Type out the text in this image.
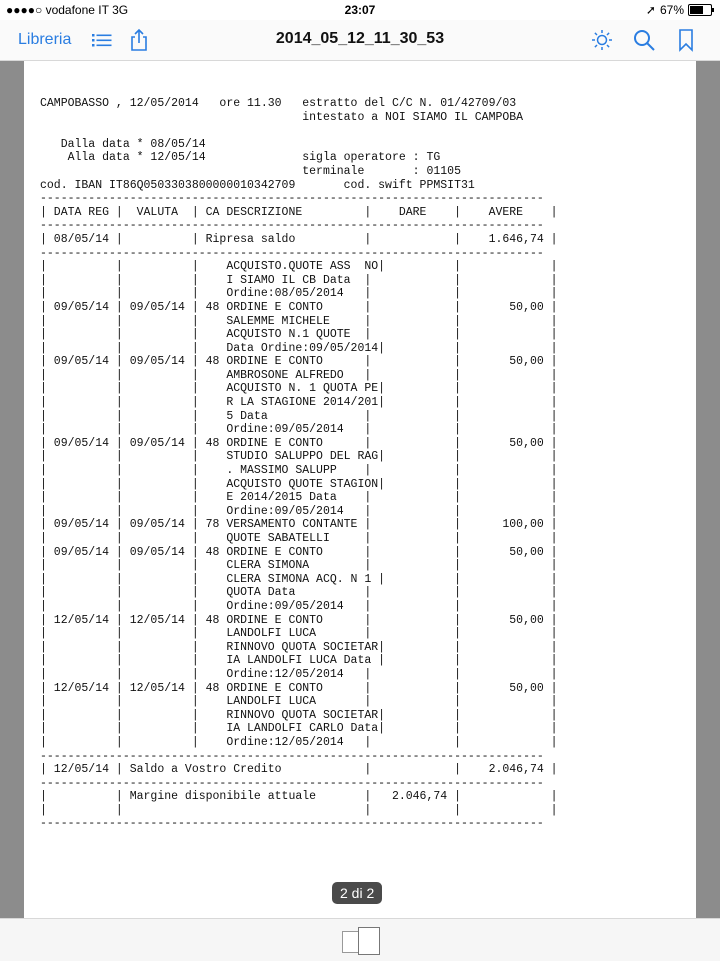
●●●●○ vodafone IT 3G	23:07	➚ 67%
Libreria	2014_05_12_11_30_53
CAMPOBASSO , 12/05/2014   ore 11.30   estratto del C/C N. 01/42709/03
intestato a NOI SIAMO IL CAMPOBA

Dalla data * 08/05/14
Alla data * 12/05/14              sigla operatore : TG
terminale       : 01105
cod. IBAN IT86Q0503303800000010342709       cod. swift PPMSIT31
-------------------------------------------------------------------------
| DATA REG |  VALUTA  | CA DESCRIZIONE         |    DARE    |    AVERE    |
-------------------------------------------------------------------------
| 08/05/14 |          | Ripresa saldo          |            |    1.646,74 |
-------------------------------------------------------------------------
|          |          |    ACQUISTO.QUOTE ASS  NO|          |             |
|          |          |    I SIAMO IL CB Data  |            |             |
|          |          |    Ordine:08/05/2014   |            |             |
| 09/05/14 | 09/05/14 | 48 ORDINE E CONTO      |            |       50,00 |
|          |          |    SALEMME MICHELE     |            |             |
|          |          |    ACQUISTO N.1 QUOTE  |            |             |
|          |          |    Data Ordine:09/05/2014|          |             |
| 09/05/14 | 09/05/14 | 48 ORDINE E CONTO      |            |       50,00 |
|          |          |    AMBROSONE ALFREDO   |            |             |
|          |          |    ACQUISTO N. 1 QUOTA PE|          |             |
|          |          |    R LA STAGIONE 2014/201|          |             |
|          |          |    5 Data              |            |             |
|          |          |    Ordine:09/05/2014   |            |             |
| 09/05/14 | 09/05/14 | 48 ORDINE E CONTO      |            |       50,00 |
|          |          |    STUDIO SALUPPO DEL RAG|          |             |
|          |          |    . MASSIMO SALUPP    |            |             |
|          |          |    ACQUISTO QUOTE STAGION|          |             |
|          |          |    E 2014/2015 Data    |            |             |
|          |          |    Ordine:09/05/2014   |            |             |
| 09/05/14 | 09/05/14 | 78 VERSAMENTO CONTANTE |            |      100,00 |
|          |          |    QUOTE SABATELLI     |            |             |
| 09/05/14 | 09/05/14 | 48 ORDINE E CONTO      |            |       50,00 |
|          |          |    CLERA SIMONA        |            |             |
|          |          |    CLERA SIMONA ACQ. N 1 |          |             |
|          |          |    QUOTA Data          |            |             |
|          |          |    Ordine:09/05/2014   |            |             |
| 12/05/14 | 12/05/14 | 48 ORDINE E CONTO      |            |       50,00 |
|          |          |    LANDOLFI LUCA       |            |             |
|          |          |    RINNOVO QUOTA SOCIETAR|          |             |
|          |          |    IA LANDOLFI LUCA Data |          |             |
|          |          |    Ordine:12/05/2014   |            |             |
| 12/05/14 | 12/05/14 | 48 ORDINE E CONTO      |            |       50,00 |
|          |          |    LANDOLFI LUCA       |            |             |
|          |          |    RINNOVO QUOTA SOCIETAR|          |             |
|          |          |    IA LANDOLFI CARLO Data|          |             |
|          |          |    Ordine:12/05/2014   |            |             |
-------------------------------------------------------------------------
| 12/05/14 | Saldo a Vostro Credito            |            |    2.046,74 |
-------------------------------------------------------------------------
|          | Margine disponibile attuale       |   2.046,74 |             |
|          |                                   |            |             |
-------------------------------------------------------------------------

2 di 2
